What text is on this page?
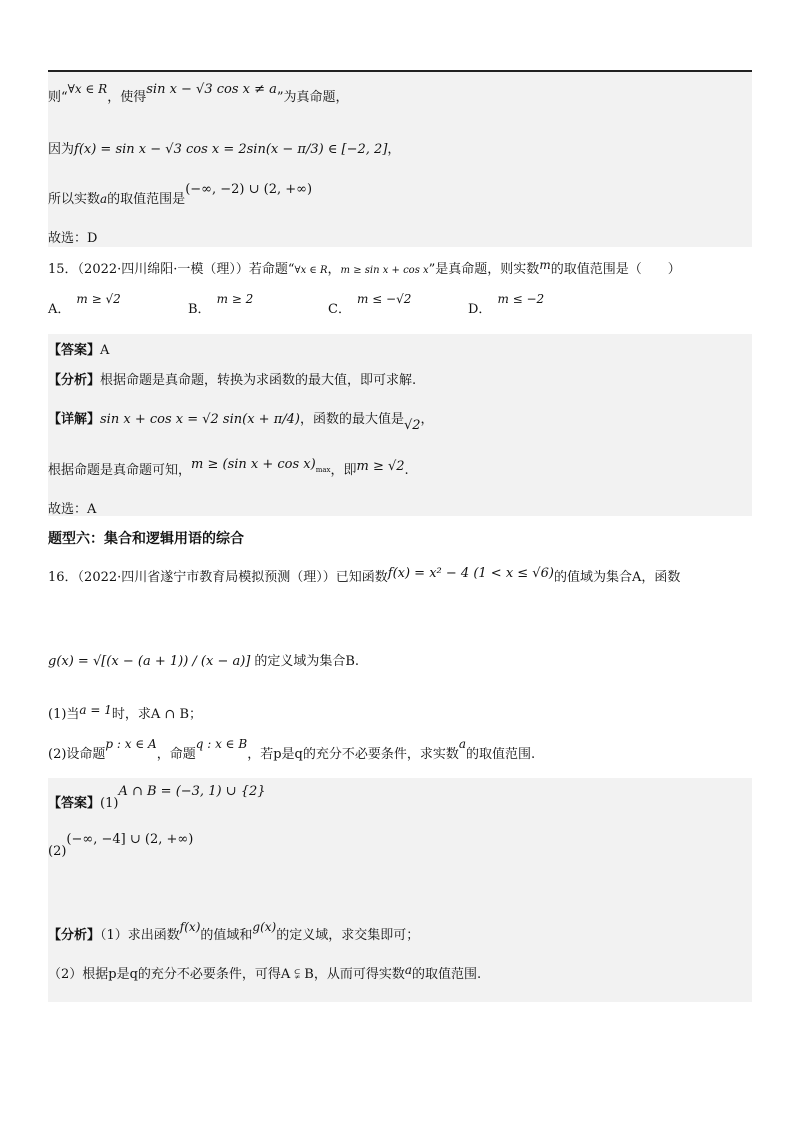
则“∀x ∈ R，使得sin x − √3 cos x ≠ a”为真命题，
因为f(x) = sin x − √3 cos x = 2sin(x − π/3) ∈ [−2, 2]，
所以实数a的取值范围是(−∞, −2) ∪ (2, +∞)
故选：D
15．（2022·四川绵阳·一模（理））若命题“∀x ∈ R，m ≥ sin x + cos x”是真命题，则实数m的取值范围是（　　）
A．m ≥ √2
B．m ≥ 2
C．m ≤ −√2
D．m ≤ −2
【答案】A
【分析】根据命题是真命题，转换为求函数的最大值，即可求解.
【详解】sin x + cos x = √2 sin(x + π/4)，函数的最大值是√2，
根据命题是真命题可知，m ≥ (sin $x + \cos x)_{max}$，即m ≥ √2.
故选：A
题型六：集合和逻辑用语的综合
16．（2022·四川省遂宁市教育局模拟预测（理））已知函数f(x) = x² − 4 (1 < x ≤ √6)的值域为集合A，函数
g(x) = √[(x − (a + 1)) / (x − a)] 的定义域为集合B.
(1)当a = 1时，求A ∩ B；
(2)设命题p : x ∈ A，命题q : x ∈ B，若p是q的充分不必要条件，求实数a的取值范围.
【答案】(1)A ∩ B = (−3, 1) ∪ {2}
(2)(−∞, −4] ∪ (2, +∞)
【分析】（1）求出函数f(x)的值域和g(x)的定义域，求交集即可；
（2）根据p是q的充分不必要条件，可得A ⫋ B，从而可得实数a的取值范围.
